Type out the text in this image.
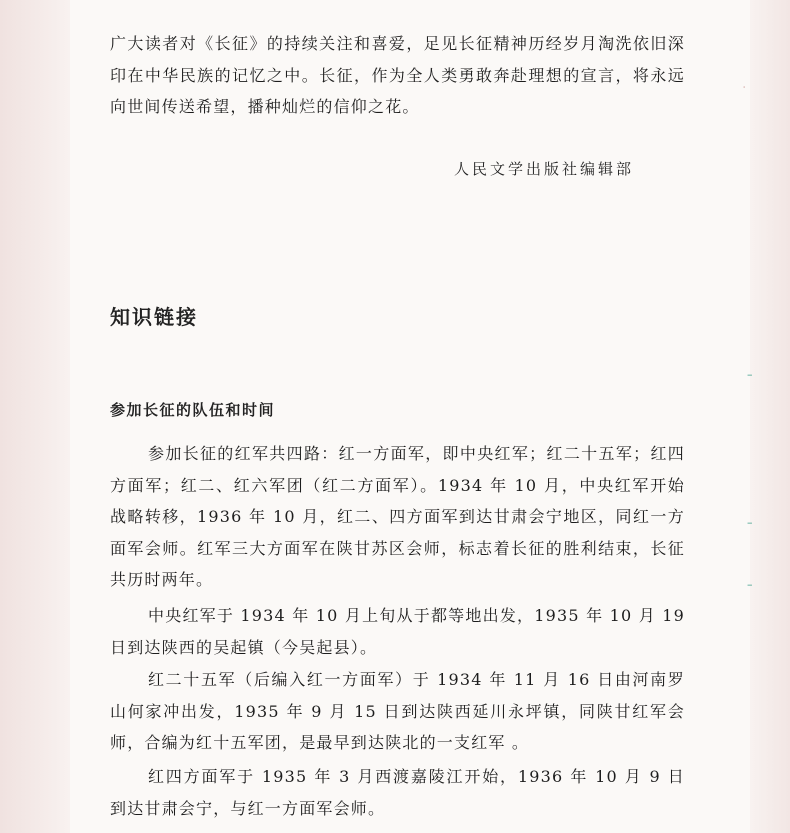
·
–
–
–

广大读者对《长征》的持续关注和喜爱，足见长征精神历经岁月淘洗依旧深印在中华民族的记忆之中。长征，作为全人类勇敢奔赴理想的宣言，将永远向世间传送希望，播种灿烂的信仰之花。

人民文学出版社编辑部
知识链接
参加长征的队伍和时间

参加长征的红军共四路：红一方面军，即中央红军；红二十五军；红四方面军；红二、红六军团（红二方面军）。1934 年 10 月，中央红军开始战略转移，1936 年 10 月，红二、四方面军到达甘肃会宁地区，同红一方面军会师。红军三大方面军在陕甘苏区会师，标志着长征的胜利结束，长征共历时两年。

中央红军于 1934 年 10 月上旬从于都等地出发，1935 年 10 月 19 日到达陕西的吴起镇（今吴起县）。

红二十五军（后编入红一方面军）于 1934 年 11 月 16 日由河南罗山何家冲出发，1935 年 9 月 15 日到达陕西延川永坪镇，同陕甘红军会师，合编为红十五军团，是最早到达陕北的一支红军 。

红四方面军于 1935 年 3 月西渡嘉陵江开始，1936 年 10 月 9 日到达甘肃会宁，与红一方面军会师。
